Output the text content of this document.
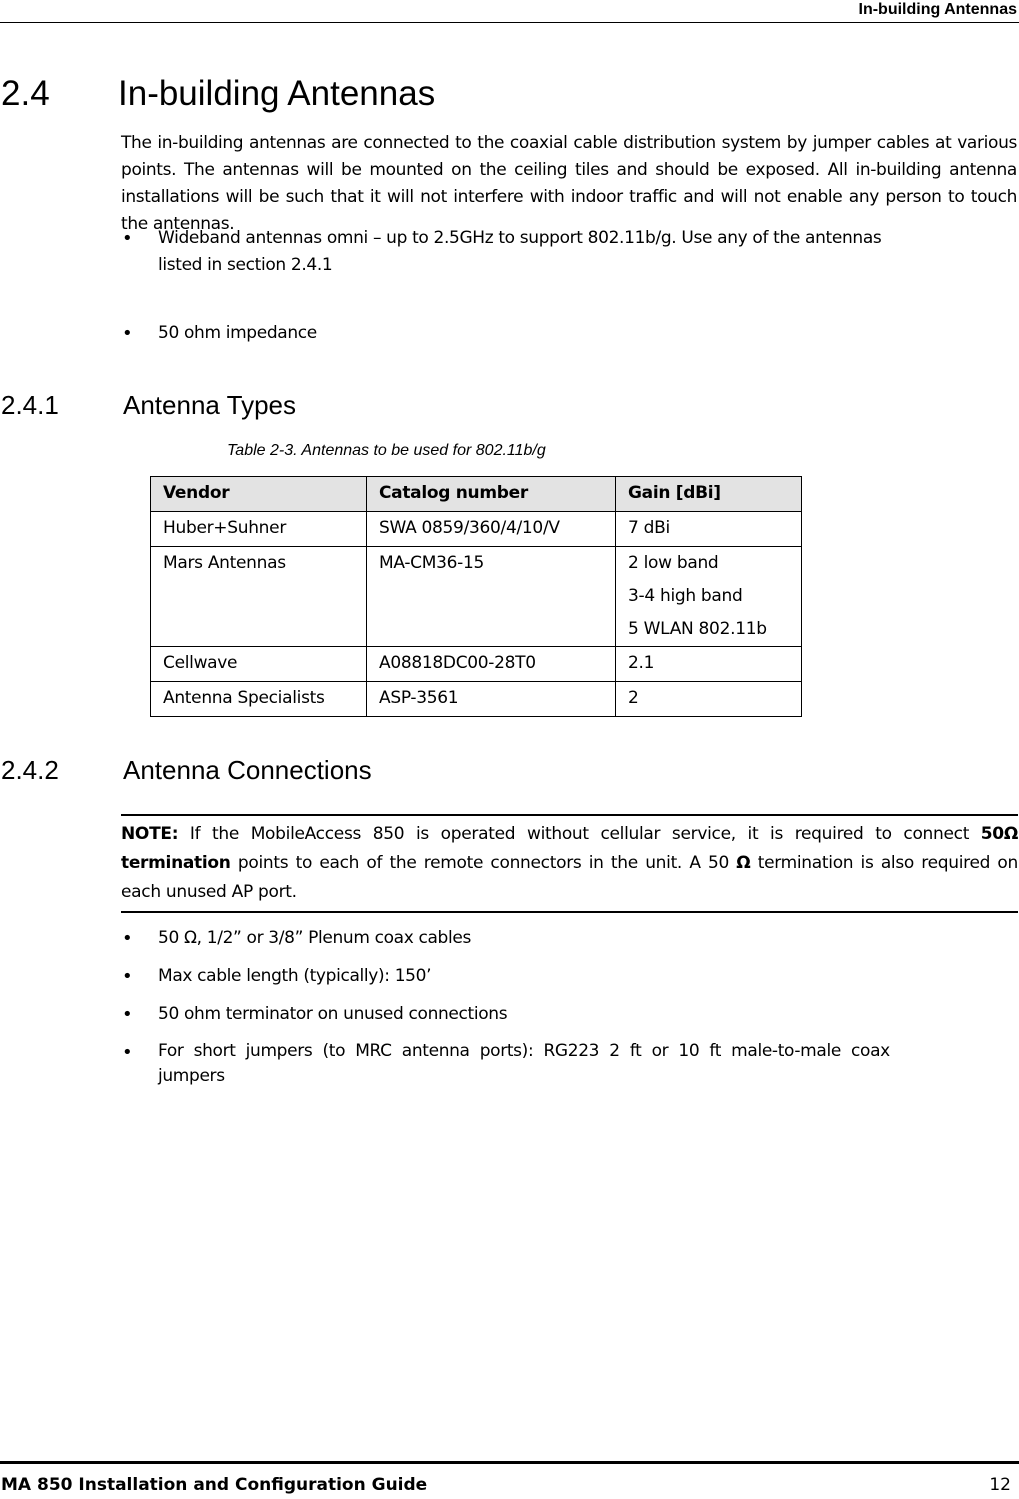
In-building Antennas
2.4 In-building Antennas

The in-building antennas are connected to the coaxial cable distribution system by jumper cables at various points. The antennas will be mounted on the ceiling tiles and should be exposed. All in-building antenna installations will be such that it will not interfere with indoor traffic and will not enable any person to touch the antennas.

• Wideband antennas omni – up to 2.5GHz to support 802.11b/g. Use any of the antennas
listed in section 2.4.1
• 50 ohm impedance
2.4.1 Antenna Types
Table 2-3. Antennas to be used for 802.11b/g
Vendor	Catalog number	Gain [dBi]
Huber+Suhner	SWA 0859/360/4/10/V	7 dBi
Mars Antennas	MA-CM36-15	2 low band
3-4 high band
5 WLAN 802.11b

Cellwave	A08818DC00-28T0	2.1
Antenna Specialists	ASP-3561	2
2.4.2 Antenna Connections

NOTE: If the MobileAccess 850 is operated without cellular service, it is required to connect 50Ω termination points to each of the remote connectors in the unit. A 50 Ω termination is also required on each unused AP port.

• 50 Ω, 1/2” or 3/8” Plenum coax cables
• Max cable length (typically): 150’
• 50 ohm terminator on unused connections
• For  short  jumpers  (to  MRC  antenna  ports):  RG223  2  ft  or  10  ft  male-to-male  coax
jumpers
MA 850 Installation and Configuration Guide	12
